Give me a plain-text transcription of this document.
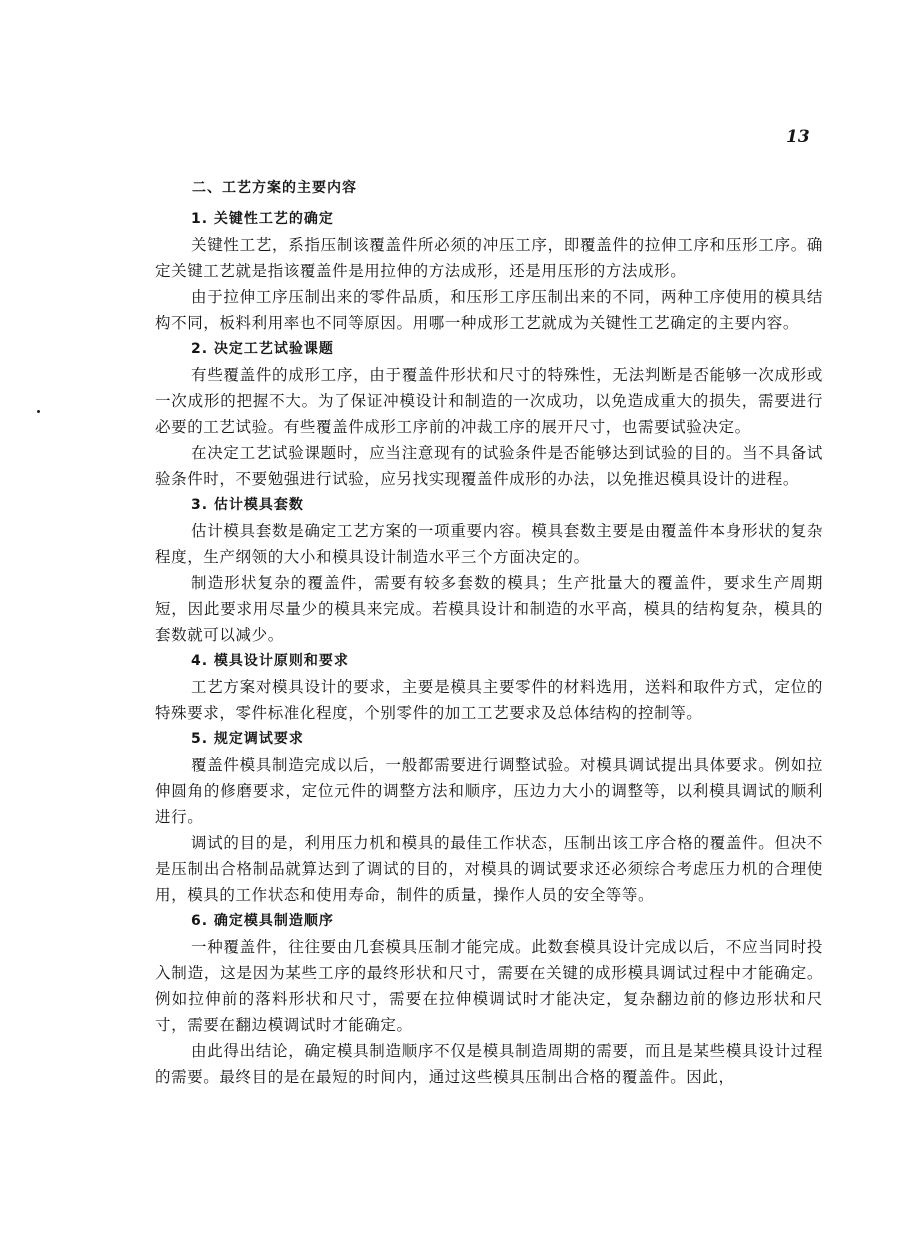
13
二、工艺方案的主要内容
1. 关键性工艺的确定

关键性工艺，系指压制该覆盖件所必须的冲压工序，即覆盖件的拉伸工序和压形工序。确定关键工艺就是指该覆盖件是用拉伸的方法成形，还是用压形的方法成形。

由于拉伸工序压制出来的零件品质，和压形工序压制出来的不同，两种工序使用的模具结构不同，板料利用率也不同等原因。用哪一种成形工艺就成为关键性工艺确定的主要内容。

2. 决定工艺试验课题

有些覆盖件的成形工序，由于覆盖件形状和尺寸的特殊性，无法判断是否能够一次成形或一次成形的把握不大。为了保证冲模设计和制造的一次成功，以免造成重大的损失，需要进行必要的工艺试验。有些覆盖件成形工序前的冲裁工序的展开尺寸，也需要试验决定。

在决定工艺试验课题时，应当注意现有的试验条件是否能够达到试验的目的。当不具备试验条件时，不要勉强进行试验，应另找实现覆盖件成形的办法，以免推迟模具设计的进程。

3. 估计模具套数

估计模具套数是确定工艺方案的一项重要内容。模具套数主要是由覆盖件本身形状的复杂程度，生产纲领的大小和模具设计制造水平三个方面决定的。

制造形状复杂的覆盖件，需要有较多套数的模具；生产批量大的覆盖件，要求生产周期短，因此要求用尽量少的模具来完成。若模具设计和制造的水平高，模具的结构复杂，模具的套数就可以减少。

4. 模具设计原则和要求

工艺方案对模具设计的要求，主要是模具主要零件的材料选用，送料和取件方式，定位的特殊要求，零件标准化程度，个别零件的加工工艺要求及总体结构的控制等。

5. 规定调试要求

覆盖件模具制造完成以后，一般都需要进行调整试验。对模具调试提出具体要求。例如拉伸圆角的修磨要求，定位元件的调整方法和顺序，压边力大小的调整等，以利模具调试的顺利进行。

调试的目的是，利用压力机和模具的最佳工作状态，压制出该工序合格的覆盖件。但决不是压制出合格制品就算达到了调试的目的，对模具的调试要求还必须综合考虑压力机的合理使用，模具的工作状态和使用寿命，制件的质量，操作人员的安全等等。

6. 确定模具制造顺序

一种覆盖件，往往要由几套模具压制才能完成。此数套模具设计完成以后，不应当同时投入制造，这是因为某些工序的最终形状和尺寸，需要在关键的成形模具调试过程中才能确定。例如拉伸前的落料形状和尺寸，需要在拉伸模调试时才能决定，复杂翻边前的修边形状和尺寸，需要在翻边模调试时才能确定。

由此得出结论，确定模具制造顺序不仅是模具制造周期的需要，而且是某些模具设计过程的需要。最终目的是在最短的时间内，通过这些模具压制出合格的覆盖件。因此，
